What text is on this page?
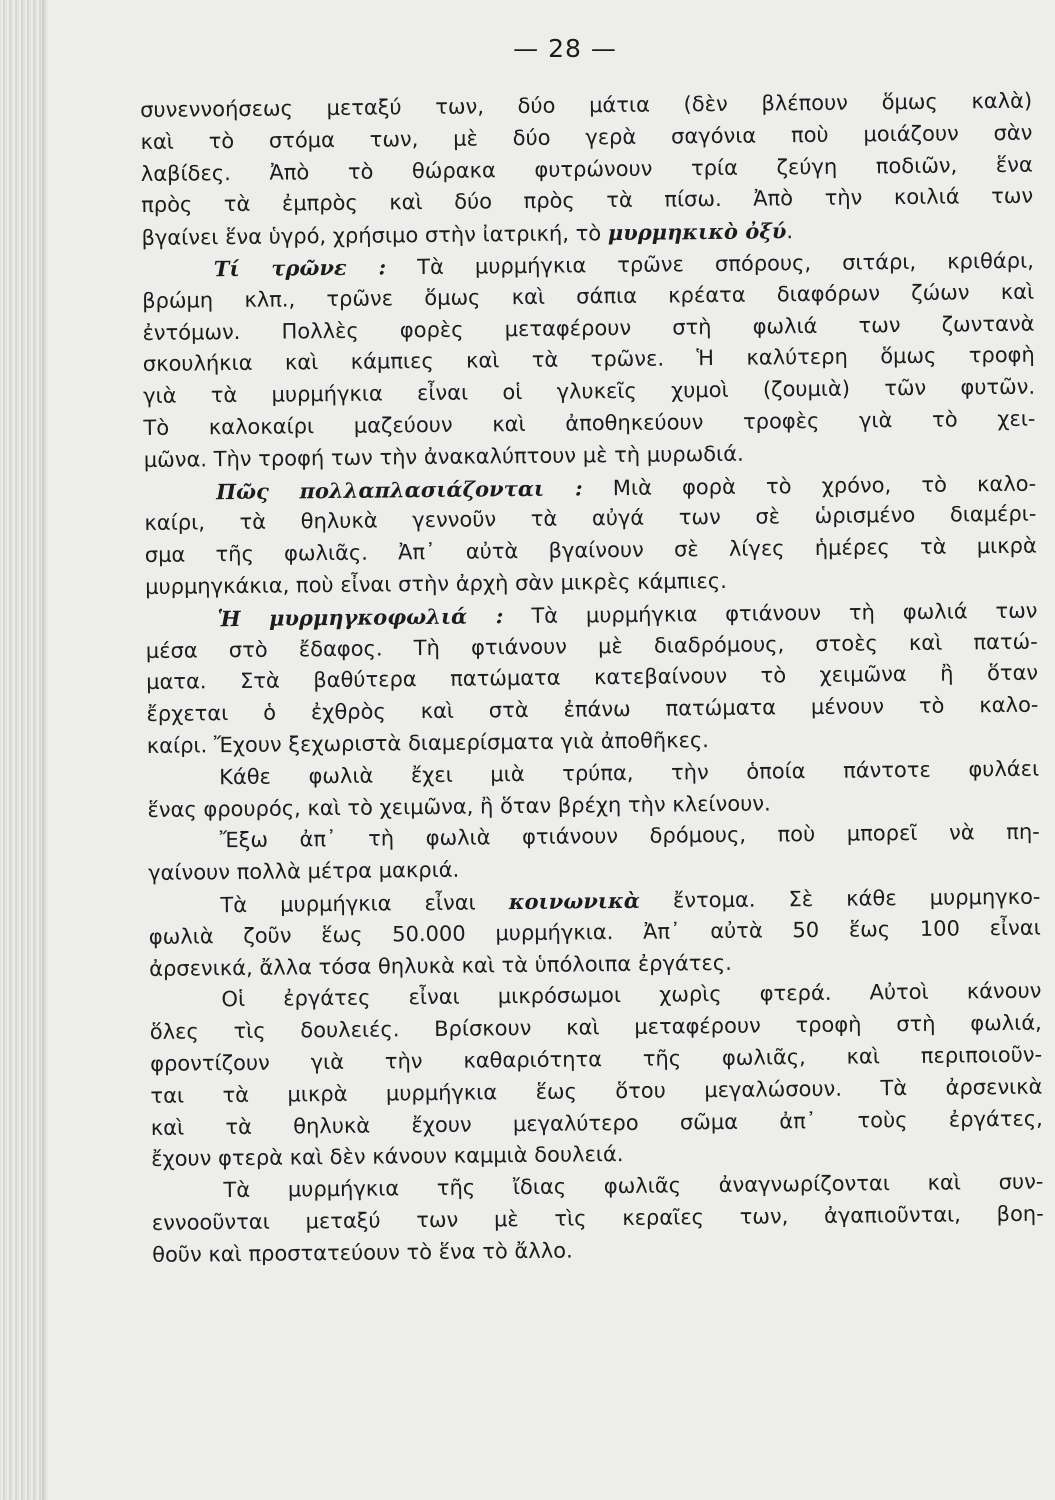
— 28 —
συνεννοήσεως μεταξύ των, δύο μάτια (δὲν βλέπουν ὅμως καλὰ)
καὶ τὸ στόμα των, μὲ δύο γερὰ σαγόνια ποὺ μοιάζουν σὰν
λαβίδες. Ἀπὸ τὸ θώρακα φυτρώνουν τρία ζεύγη ποδιῶν, ἕνα
πρὸς τὰ ἐμπρὸς καὶ δύο πρὸς τὰ πίσω. Ἀπὸ τὴν κοιλιά των
βγαίνει ἕνα ὑγρό, χρήσιμο στὴν ἰατρική, τὸ μυρμηκικὸ ὀξύ.
Τί τρῶνε : Τὰ μυρμήγκια τρῶνε σπόρους, σιτάρι, κριθάρι,
βρώμη κλπ., τρῶνε ὅμως καὶ σάπια κρέατα διαφόρων ζώων καὶ
ἐντόμων. Πολλὲς φορὲς μεταφέρουν στὴ φωλιά των ζωντανὰ
σκουλήκια καὶ κάμπιες καὶ τὰ τρῶνε. Ἡ καλύτερη ὅμως τροφὴ
γιὰ τὰ μυρμήγκια εἶναι οἱ γλυκεῖς χυμοὶ (ζουμιὰ) τῶν φυτῶν.
Τὸ καλοκαίρι μαζεύουν καὶ ἀποθηκεύουν τροφὲς γιὰ τὸ χει-
μῶνα. Τὴν τροφή των τὴν ἀνακαλύπτουν μὲ τὴ μυρωδιά.
Πῶς πολλαπλασιάζονται : Μιὰ φορὰ τὸ χρόνο, τὸ καλο-
καίρι, τὰ θηλυκὰ γεννοῦν τὰ αὐγά των σὲ ὡρισμένο διαμέρι-
σμα τῆς φωλιᾶς. Ἀπ᾽ αὐτὰ βγαίνουν σὲ λίγες ἡμέρες τὰ μικρὰ
μυρμηγκάκια, ποὺ εἶναι στὴν ἀρχὴ σὰν μικρὲς κάμπιες.
Ἡ μυρμηγκοφωλιά : Τὰ μυρμήγκια φτιάνουν τὴ φωλιά των
μέσα στὸ ἔδαφος. Τὴ φτιάνουν μὲ διαδρόμους, στοὲς καὶ πατώ-
ματα. Στὰ βαθύτερα πατώματα κατεβαίνουν τὸ χειμῶνα ἢ ὅταν
ἔρχεται ὁ ἐχθρὸς καὶ στὰ ἐπάνω πατώματα μένουν τὸ καλο-
καίρι. Ἔχουν ξεχωριστὰ διαμερίσματα γιὰ ἀποθῆκες.
Κάθε φωλιὰ ἔχει μιὰ τρύπα, τὴν ὁποία πάντοτε φυλάει
ἕνας φρουρός, καὶ τὸ χειμῶνα, ἢ ὅταν βρέχη τὴν κλείνουν.
Ἔξω ἀπ᾽ τὴ φωλιὰ φτιάνουν δρόμους, ποὺ μπορεῖ νὰ πη-
γαίνουν πολλὰ μέτρα μακριά.
Τὰ μυρμήγκια εἶναι κοινωνικὰ ἔντομα. Σὲ κάθε μυρμηγκο-
φωλιὰ ζοῦν ἕως 50.000 μυρμήγκια. Ἀπ᾽ αὐτὰ 50 ἕως 100 εἶναι
ἀρσενικά, ἄλλα τόσα θηλυκὰ καὶ τὰ ὑπόλοιπα ἐργάτες.
Οἱ ἐργάτες εἶναι μικρόσωμοι χωρὶς φτερά. Αὐτοὶ κάνουν
ὅλες τὶς δουλειές. Βρίσκουν καὶ μεταφέρουν τροφὴ στὴ φωλιά,
φροντίζουν γιὰ τὴν καθαριότητα τῆς φωλιᾶς, καὶ περιποιοῦν-
ται τὰ μικρὰ μυρμήγκια ἕως ὅτου μεγαλώσουν. Τὰ ἀρσενικὰ
καὶ τὰ θηλυκὰ ἔχουν μεγαλύτερο σῶμα ἀπ᾽ τοὺς ἐργάτες,
ἔχουν φτερὰ καὶ δὲν κάνουν καμμιὰ δουλειά.
Τὰ μυρμήγκια τῆς ἴδιας φωλιᾶς ἀναγνωρίζονται καὶ συν-
εννοοῦνται μεταξύ των μὲ τὶς κεραῖες των, ἀγαπιοῦνται, βοη-
θοῦν καὶ προστατεύουν τὸ ἕνα τὸ ἄλλο.
